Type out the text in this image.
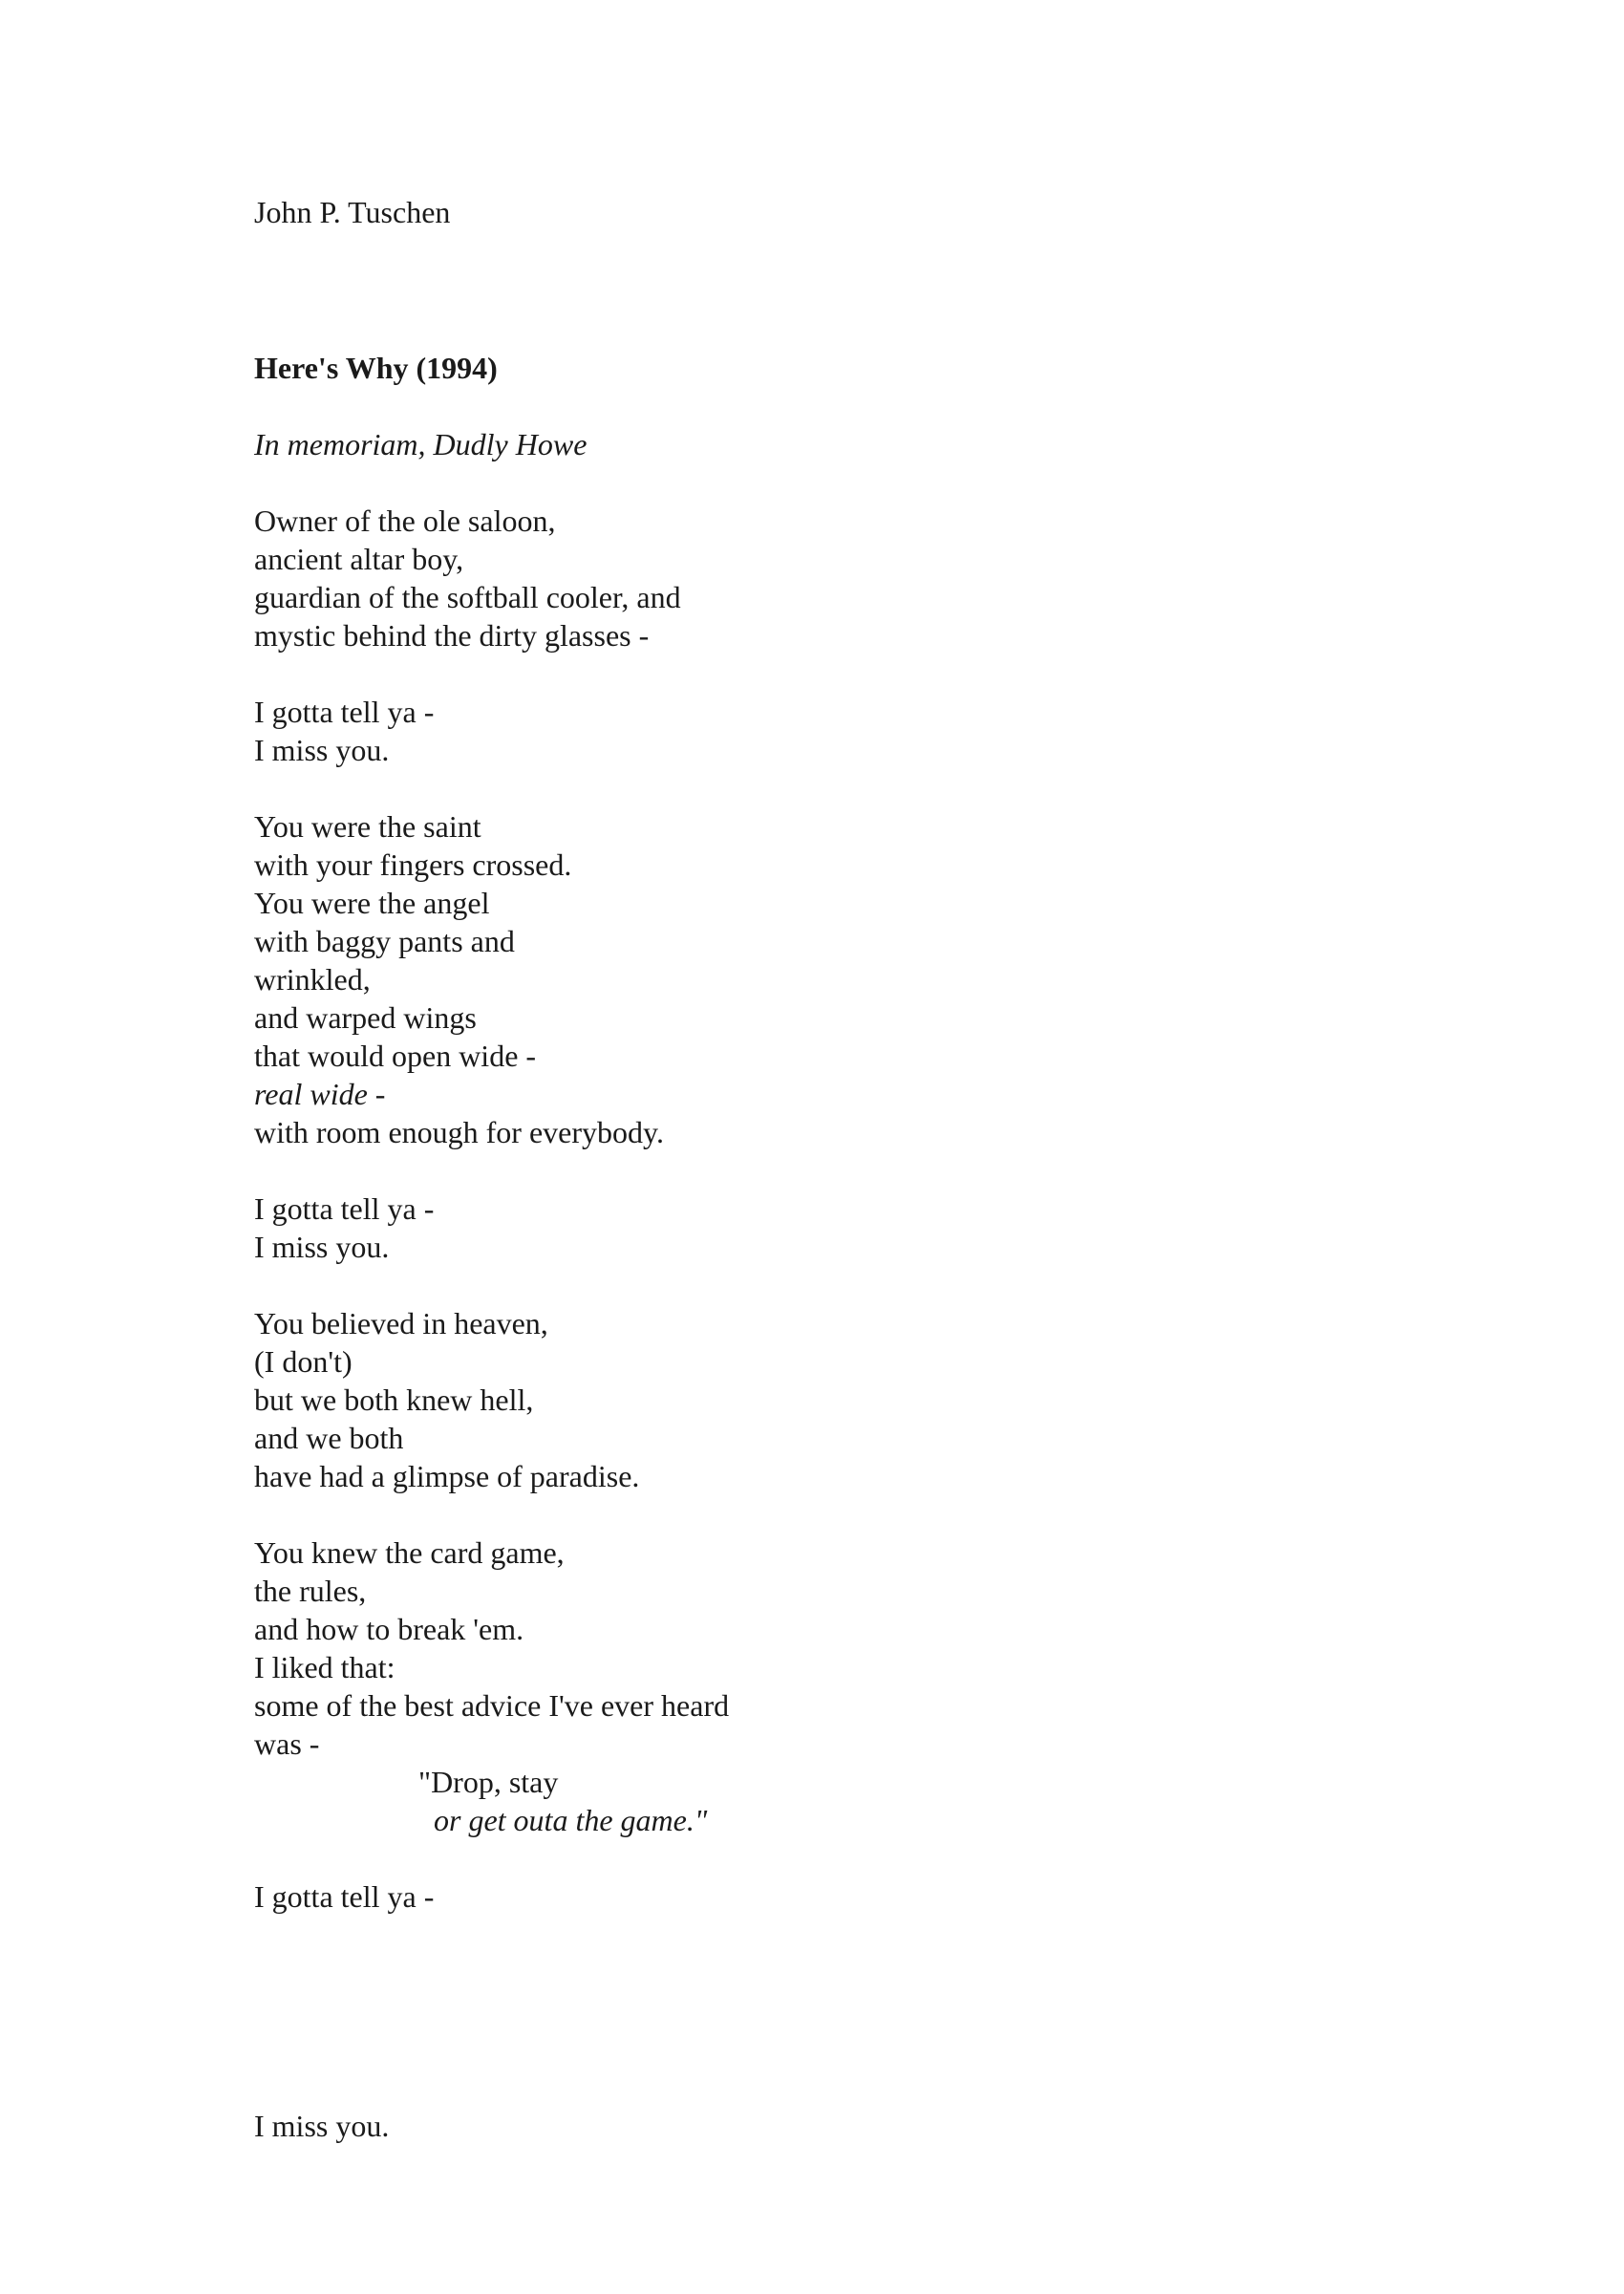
John P. Tuschen
Here's Why (1994)
In memoriam, Dudly Howe
Owner of the ole saloon,
ancient altar boy,
guardian of the softball cooler, and
mystic behind the dirty glasses -
I gotta tell ya -
I miss you.
You were the saint
with your fingers crossed.
You were the angel
with baggy pants and
wrinkled,
and warped wings
that would open wide -
real wide -
with room enough for everybody.
I gotta tell ya -
I miss you.
You believed in heaven,
(I don't)
but we both knew hell,
and we both
have had a glimpse of paradise.
You knew the card game,
the rules,
and how to break 'em.
I liked that:
some of the best advice I've ever heard
was -
"Drop, stay
or get outa the game."
I gotta tell ya -
I miss you.
